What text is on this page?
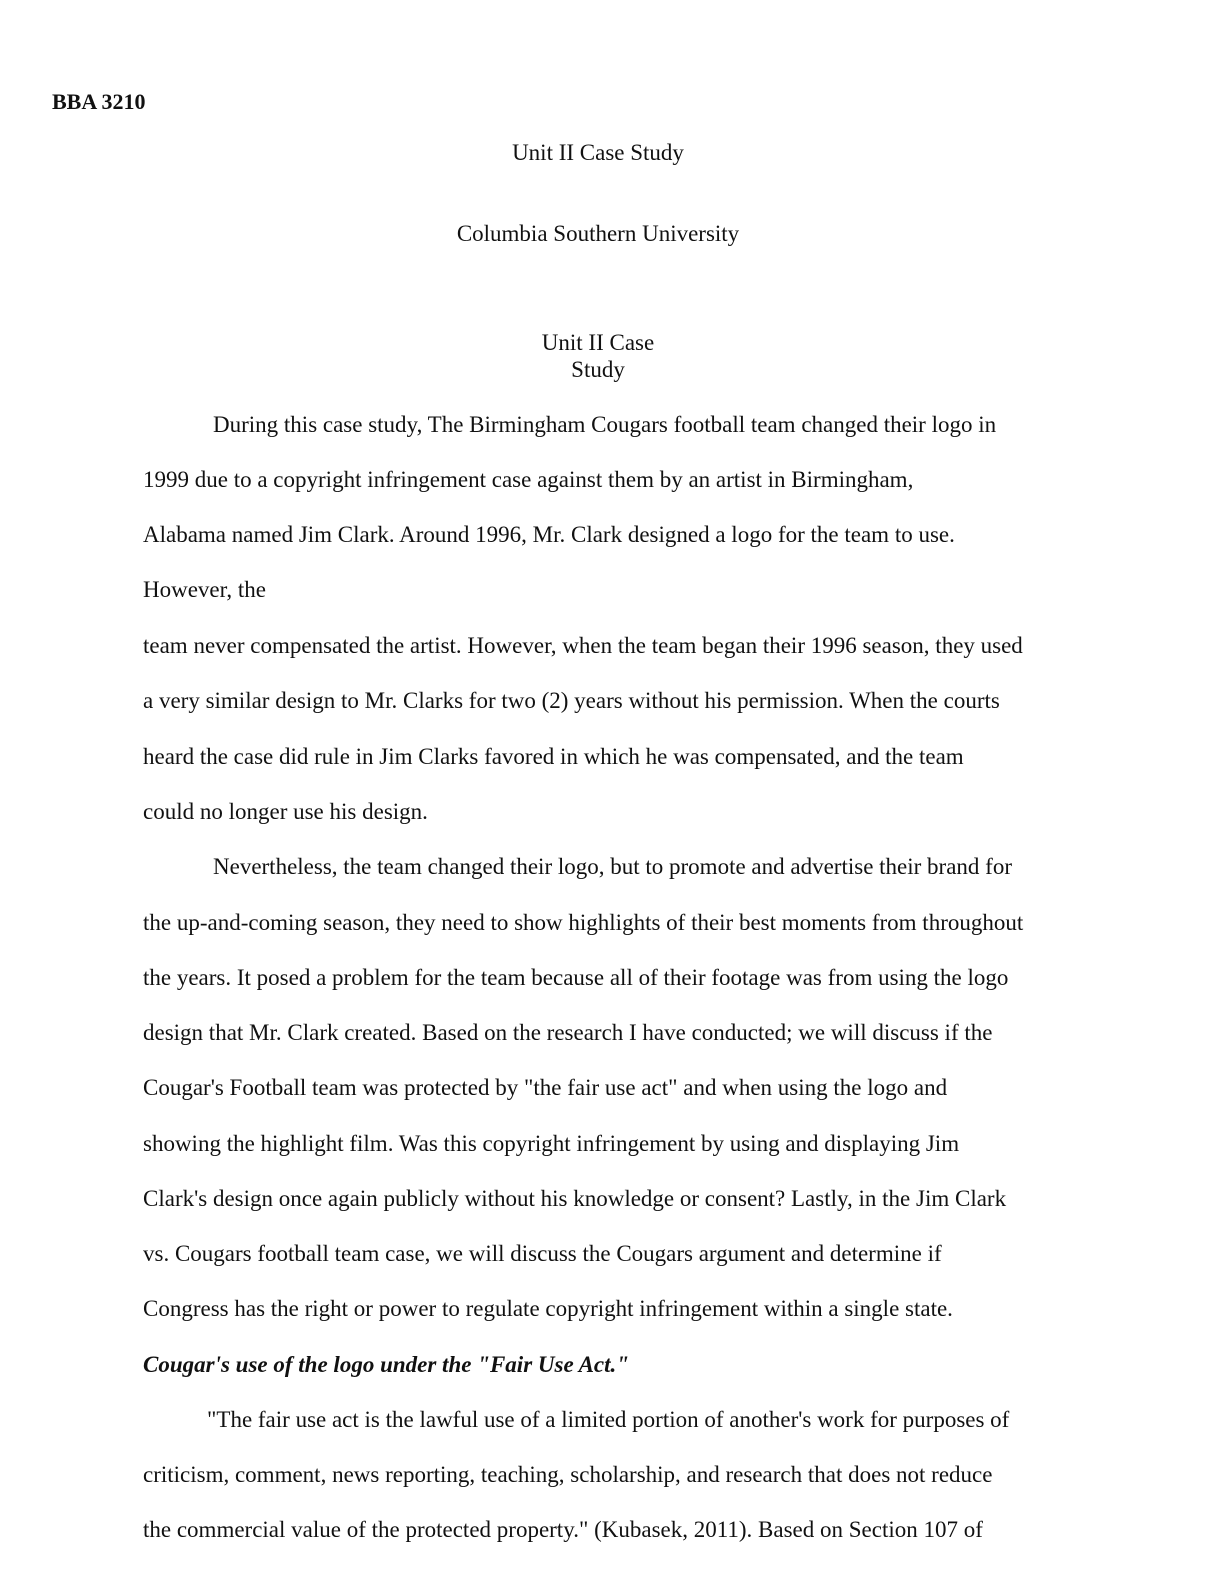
BBA 3210
Unit II Case Study
Columbia Southern University
Unit II Case
Study
During this case study, The Birmingham Cougars football team changed their logo in
1999 due to a copyright infringement case against them by an artist in Birmingham,
Alabama named Jim Clark. Around 1996, Mr. Clark designed a logo for the team to use.
However, the
team never compensated the artist. However, when the team began their 1996 season, they used
a very similar design to Mr. Clarks for two (2) years without his permission. When the courts
heard the case did rule in Jim Clarks favored in which he was compensated, and the team
could no longer use his design.
Nevertheless, the team changed their logo, but to promote and advertise their brand for
the up-and-coming season, they need to show highlights of their best moments from throughout
the years. It posed a problem for the team because all of their footage was from using the logo
design that Mr. Clark created. Based on the research I have conducted; we will discuss if the
Cougar's Football team was protected by "the fair use act" and when using the logo and
showing the highlight film. Was this copyright infringement by using and displaying Jim
Clark's design once again publicly without his knowledge or consent? Lastly, in the Jim Clark
vs. Cougars football team case, we will discuss the Cougars argument and determine if
Congress has the right or power to regulate copyright infringement within a single state.
Cougar's use of the logo under the "Fair Use Act."
"The fair use act is the lawful use of a limited portion of another's work for purposes of
criticism, comment, news reporting, teaching, scholarship, and research that does not reduce
the commercial value of the protected property." (Kubasek, 2011). Based on Section 107 of
